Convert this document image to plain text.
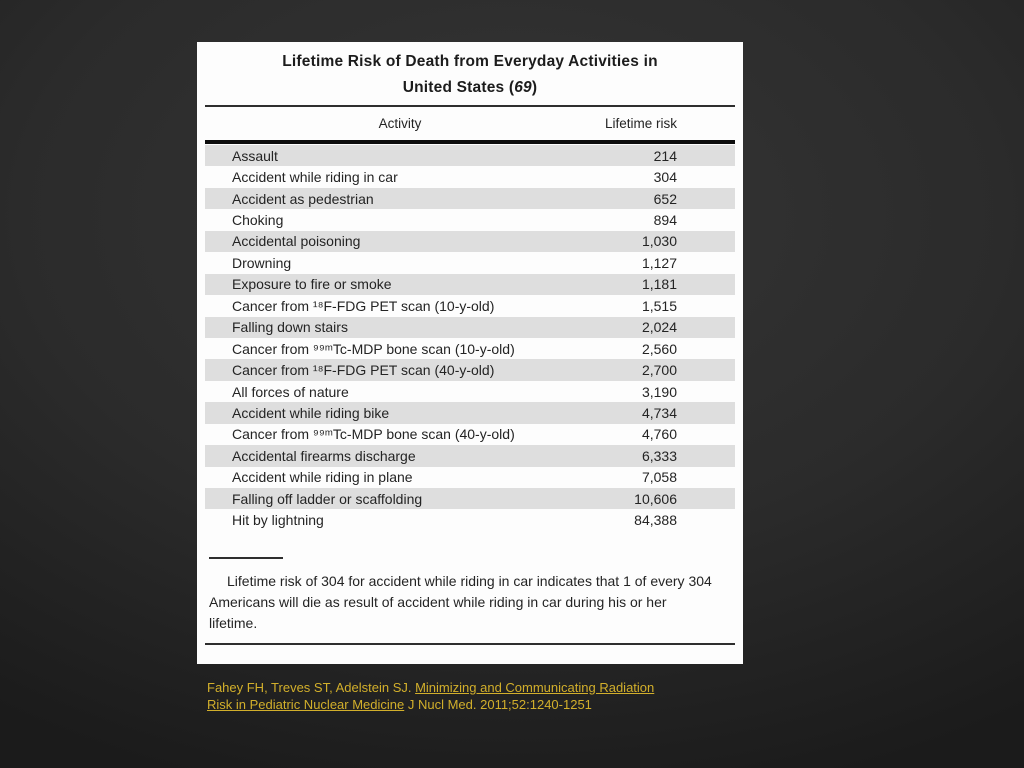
Lifetime Risk of Death from Everyday Activities in
United States (69)
Activity	Lifetime risk
Assault	214
Accident while riding in car	304
Accident as pedestrian	652
Choking	894
Accidental poisoning	1,030
Drowning	1,127
Exposure to fire or smoke	1,181
Cancer from ¹⁸F-FDG PET scan (10-y-old)	1,515
Falling down stairs	2,024
Cancer from ⁹⁹ᵐTc-MDP bone scan (10-y-old)	2,560
Cancer from ¹⁸F-FDG PET scan (40-y-old)	2,700
All forces of nature	3,190
Accident while riding bike	4,734
Cancer from ⁹⁹ᵐTc-MDP bone scan (40-y-old)	4,760
Accidental firearms discharge	6,333
Accident while riding in plane	7,058
Falling off ladder or scaffolding	10,606
Hit by lightning	84,388
Lifetime risk of 304 for accident while riding in car indicates that 1 of every 304 Americans will die as result of accident while riding in car during his or her lifetime.
Fahey FH, Treves ST, Adelstein SJ. Minimizing and Communicating Radiation
Risk in Pediatric Nuclear Medicine J Nucl Med. 2011;52:1240-1251
